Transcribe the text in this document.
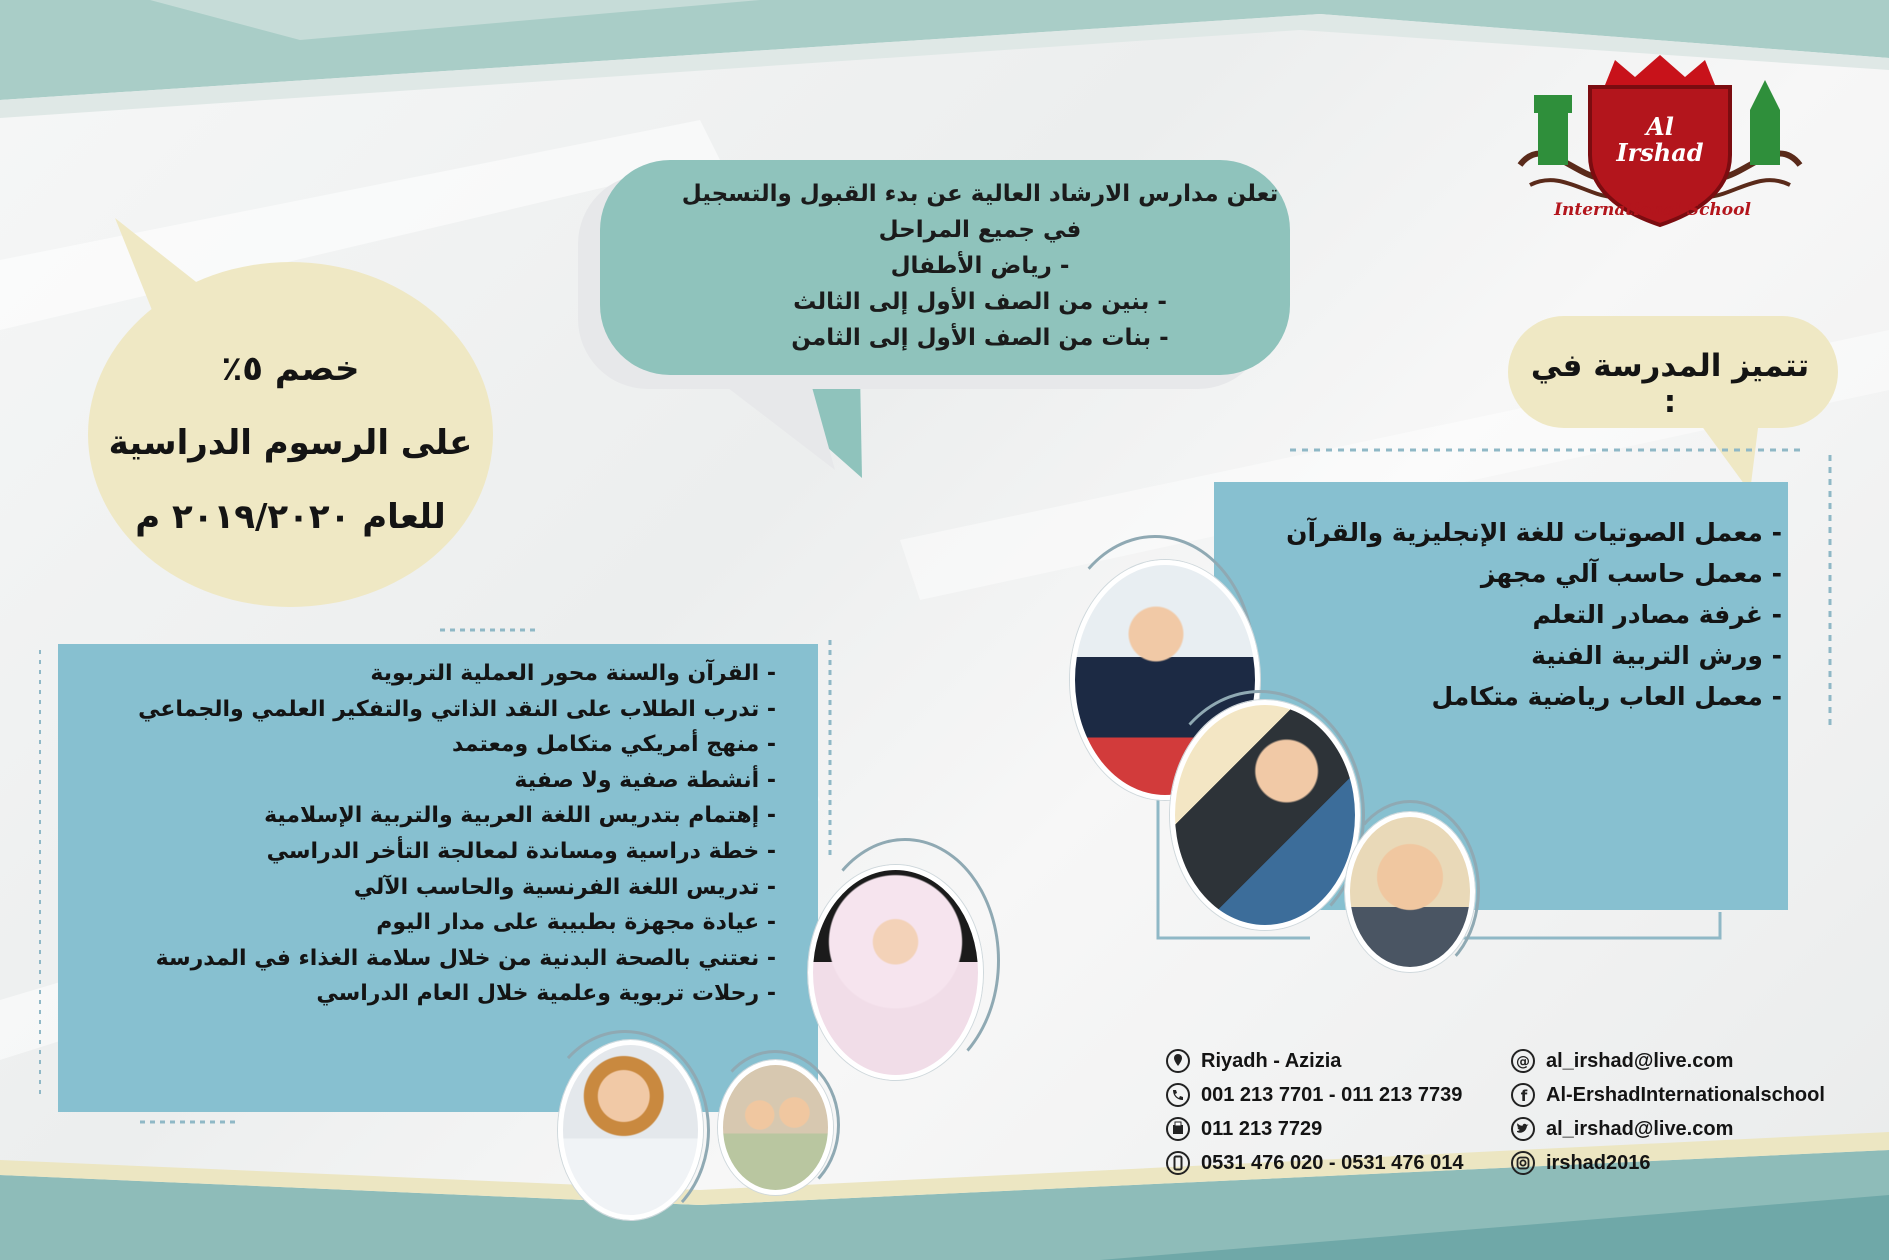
Al
Irshad
International School
تعلن مدارس الارشاد العالية عن بدء القبول والتسجيل
في جميع المراحل
- رياض الأطفال
- بنين من الصف الأول إلى الثالث
- بنات من الصف الأول إلى الثامن
خصم ٥٪
على الرسوم الدراسية
للعام ٢٠١٩/٢٠٢٠ م
تتميز المدرسة في :
- معمل الصوتيات للغة الإنجليزية والقرآن
- معمل حاسب آلي مجهز
- غرفة مصادر التعلم
- ورش التربية الفنية
- معمل العاب رياضية متكامل
- القرآن والسنة محور العملية التربوية
- تدرب الطلاب على النقد الذاتي والتفكير العلمي والجماعي
- منهج أمريكي متكامل ومعتمد
- أنشطة صفية ولا صفية
- إهتمام بتدريس اللغة العربية والتربية الإسلامية
- خطة دراسية ومساندة لمعالجة التأخر الدراسي
- تدريس اللغة الفرنسية والحاسب الآلي
- عيادة مجهزة بطبيبة على مدار اليوم
- نعتني بالصحة البدنية من خلال سلامة الغذاء في المدرسة
- رحلات تربوية وعلمية خلال العام الدراسي
Riyadh - Azizia
001 213 7701 - 011 213 7739
011 213 7729
0531 476 020 - 0531 476 014
@ al_irshad@live.com
f Al-ErshadInternationalschool
al_irshad@live.com
irshad2016
